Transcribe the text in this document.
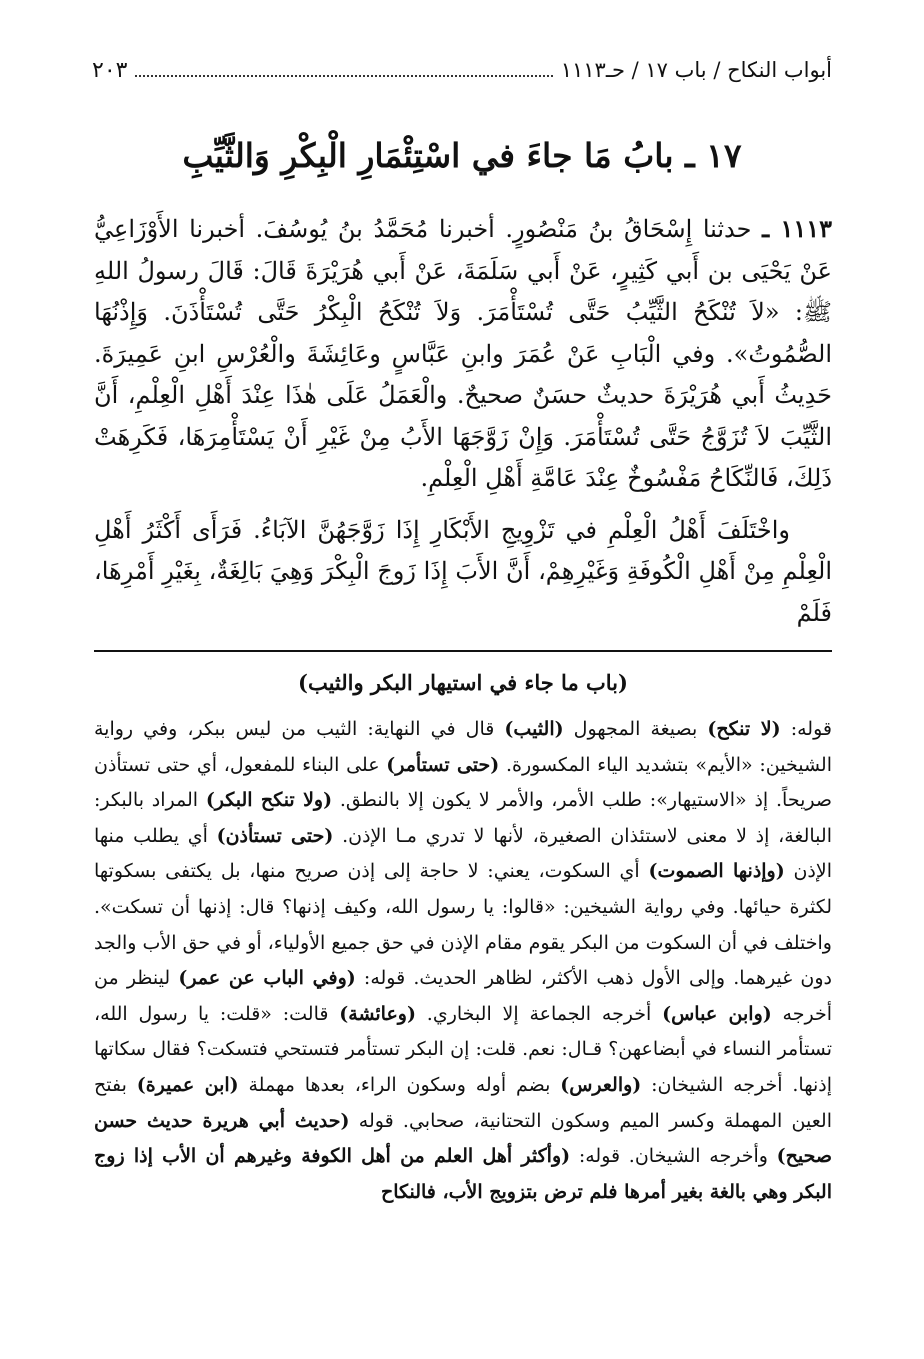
أبواب النكاح / باب ١٧ / حـ١١١٣
٢٠٣
١٧ ـ بابُ مَا جاءَ في اسْتِئْمَارِ الْبِكْرِ وَالثَّيِّبِ

١١١٣ ـ حدثنا إِسْحَاقُ بنُ مَنْصُورٍ. أخبرنا مُحَمَّدُ بنُ يُوسُفَ. أخبرنا الأَوْزَاعِيُّ عَنْ يَحْيَى بن أَبي كَثِيرٍ، عَنْ أَبي سَلَمَةَ، عَنْ أَبي هُرَيْرَةَ قَالَ: قَالَ رسولُ اللهِ ﷺ: «لاَ تُنْكَحُ الثَّيِّبُ حَتَّى تُسْتَأْمَرَ. وَلاَ تُنْكَحُ الْبِكْرُ حَتَّى تُسْتَأْذَنَ. وَإِذْنُهَا الصُّمُوتُ». وفي الْبَابِ عَنْ عُمَرَ وابنِ عَبَّاسٍ وعَائِشَةَ والْعُرْسِ ابنِ عَمِيرَةَ. حَدِيثُ أَبي هُرَيْرَةَ حديثٌ حسَنٌ صحيحٌ. والْعَمَلُ عَلَى هٰذَا عِنْدَ أَهْلِ الْعِلْمِ، أَنَّ الثَّيِّبَ لاَ تُزَوَّجُ حَتَّى تُسْتَأْمَرَ. وَإِنْ زَوَّجَهَا الأَبُ مِنْ غَيْرِ أَنْ يَسْتَأْمِرَهَا، فَكَرِهَتْ ذَلِكَ، فَالنِّكَاحُ مَفْسُوخٌ عِنْدَ عَامَّةِ أَهْلِ الْعِلْمِ.

واخْتَلَفَ أَهْلُ الْعِلْمِ في تَزْوِيجِ الأَبْكَارِ إِذَا زَوَّجَهُنَّ الآبَاءُ. فَرَأَى أَكْثَرُ أَهْلِ الْعِلْمِ مِنْ أَهْلِ الْكُوفَةِ وَغَيْرِهِمْ، أَنَّ الأَبَ إِذَا زَوجَ الْبِكْرَ وَهِيَ بَالِغَةٌ، بِغَيْرِ أَمْرِهَا، فَلَمْ

(باب ما جاء في استيهار البكر والثيب)

قوله: (لا تنكح) بصيغة المجهول (الثيب) قال في النهاية: الثيب من ليس ببكر، وفي رواية الشيخين: «الأيم» بتشديد الياء المكسورة. (حتى تستأمر) على البناء للمفعول، أي حتى تستأذن صريحاً. إذ «الاستيهار»: طلب الأمر، والأمر لا يكون إلا بالنطق. (ولا تنكح البكر) المراد بالبكر: البالغة، إذ لا معنى لاستئذان الصغيرة، لأنها لا تدري مـا الإذن. (حتى تستأذن) أي يطلب منها الإذن (وإذنها الصموت) أي السكوت، يعني: لا حاجة إلى إذن صريح منها، بل يكتفى بسكوتها لكثرة حيائها. وفي رواية الشيخين: «قالوا: يا رسول الله، وكيف إذنها؟ قال: إذنها أن تسكت». واختلف في أن السكوت من البكر يقوم مقام الإذن في حق جميع الأولياء، أو في حق الأب والجد دون غيرهما. وإلى الأول ذهب الأكثر، لظاهر الحديث. قوله: (وفي الباب عن عمر) لينظر من أخرجه (وابن عباس) أخرجه الجماعة إلا البخاري. (وعائشة) قالت: «قلت: يا رسول الله، تستأمر النساء في أبضاعهن؟ قـال: نعم. قلت: إن البكر تستأمر فتستحي فتسكت؟ فقال سكاتها إذنها. أخرجه الشيخان: (والعرس) بضم أوله وسكون الراء، بعدها مهملة (ابن عميرة) بفتح العين المهملة وكسر الميم وسكون التحتانية، صحابي. قوله (حديث أبي هريرة حديث حسن صحيح) وأخرجه الشيخان. قوله: (وأكثر أهل العلم من أهل الكوفة وغيرهم أن الأب إذا زوج البكر وهي بالغة بغير أمرها فلم ترض بتزويج الأب، فالنكاح
